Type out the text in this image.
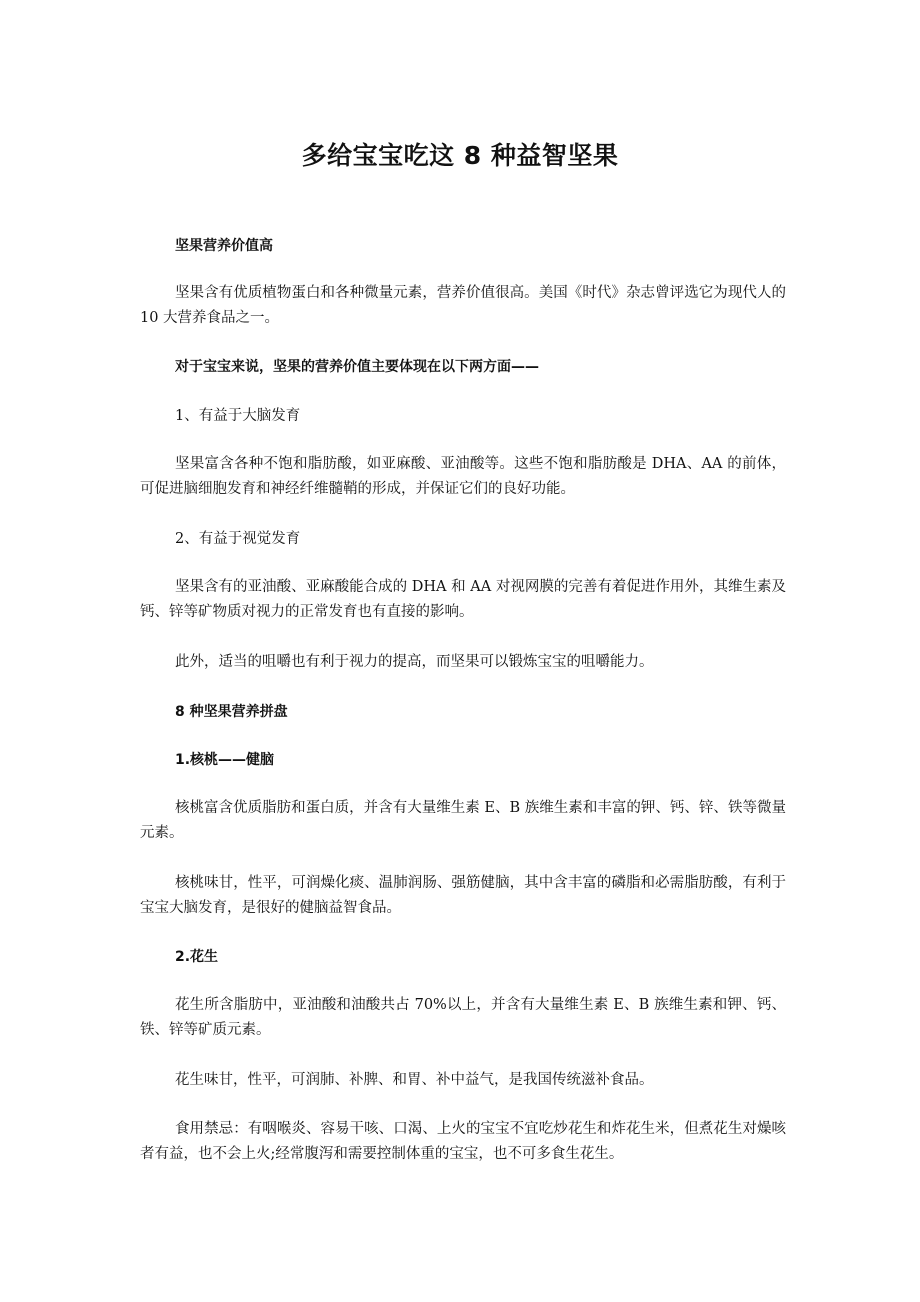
多给宝宝吃这 8 种益智坚果

坚果营养价值高

坚果含有优质植物蛋白和各种微量元素，营养价值很高。美国《时代》杂志曾评选它为现代人的 10 大营养食品之一。

对于宝宝来说，坚果的营养价值主要体现在以下两方面——

1、有益于大脑发育

坚果富含各种不饱和脂肪酸，如亚麻酸、亚油酸等。这些不饱和脂肪酸是 DHA、AA 的前体，可促进脑细胞发育和神经纤维髓鞘的形成，并保证它们的良好功能。

2、有益于视觉发育

坚果含有的亚油酸、亚麻酸能合成的 DHA 和 AA 对视网膜的完善有着促进作用外，其维生素及钙、锌等矿物质对视力的正常发育也有直接的影响。

此外，适当的咀嚼也有利于视力的提高，而坚果可以锻炼宝宝的咀嚼能力。

8 种坚果营养拼盘

1.核桃——健脑

核桃富含优质脂肪和蛋白质，并含有大量维生素 E、B 族维生素和丰富的钾、钙、锌、铁等微量元素。

核桃味甘，性平，可润燥化痰、温肺润肠、强筋健脑，其中含丰富的磷脂和必需脂肪酸，有利于宝宝大脑发育，是很好的健脑益智食品。

2.花生

花生所含脂肪中，亚油酸和油酸共占 70%以上，并含有大量维生素 E、B 族维生素和钾、钙、铁、锌等矿质元素。

花生味甘，性平，可润肺、补脾、和胃、补中益气，是我国传统滋补食品。

食用禁忌：有咽喉炎、容易干咳、口渴、上火的宝宝不宜吃炒花生和炸花生米，但煮花生对燥咳者有益，也不会上火;经常腹泻和需要控制体重的宝宝，也不可多食生花生。
